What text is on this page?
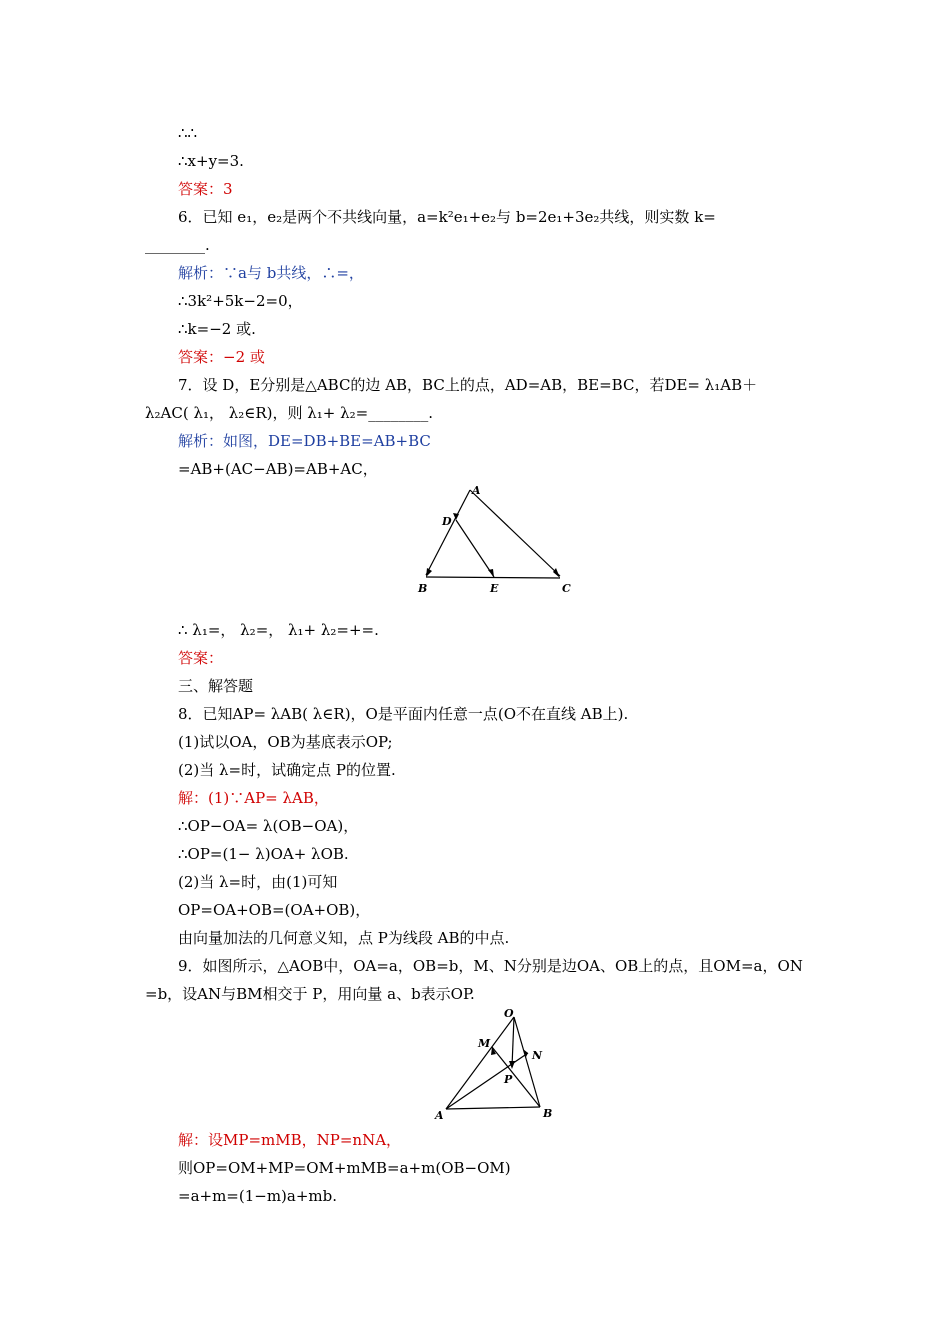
∴∴
∴x+y=3.
答案：3
6．已知 e₁，e₂是两个不共线向量，a=k²e₁+e₂与 b=2e₁+3e₂共线，则实数 k=
________.
解析：∵a与 b共线，∴=，
∴3k²+5k−2=0，
∴k=−2 或.
答案：−2 或
7．设 D，E分别是△ABC的边 AB，BC上的点，AD=AB，BE=BC，若DE= λ₁AB＋
λ₂AC( λ₁， λ₂∈R)，则 λ₁+ λ₂=________.
解析：如图，DE=DB+BE=AB+BC
=AB+(AC−AB)=AB+AC，
A
D
B	E	C
∴ λ₁=， λ₂=， λ₁+ λ₂=+=.
答案：
三、解答题
8．已知AP= λAB( λ∈R)，O是平面内任意一点(O不在直线 AB上).
(1)试以OA，OB为基底表示OP;
(2)当 λ=时，试确定点 P的位置.
解：(1)∵AP= λAB，
∴OP−OA= λ(OB−OA)，
∴OP=(1− λ)OA+ λOB.
(2)当 λ=时，由(1)可知
OP=OA+OB=(OA+OB)，
由向量加法的几何意义知，点 P为线段 AB的中点.
9．如图所示，△AOB中，OA=a，OB=b，M、N分别是边OA、OB上的点，且OM=a，ON
=b，设AN与BM相交于 P，用向量 a、b表示OP.
O
M
N
P
A	B
解：设MP=mMB，NP=nNA，
则OP=OM+MP=OM+mMB=a+m(OB−OM)
=a+m=(1−m)a+mb.
